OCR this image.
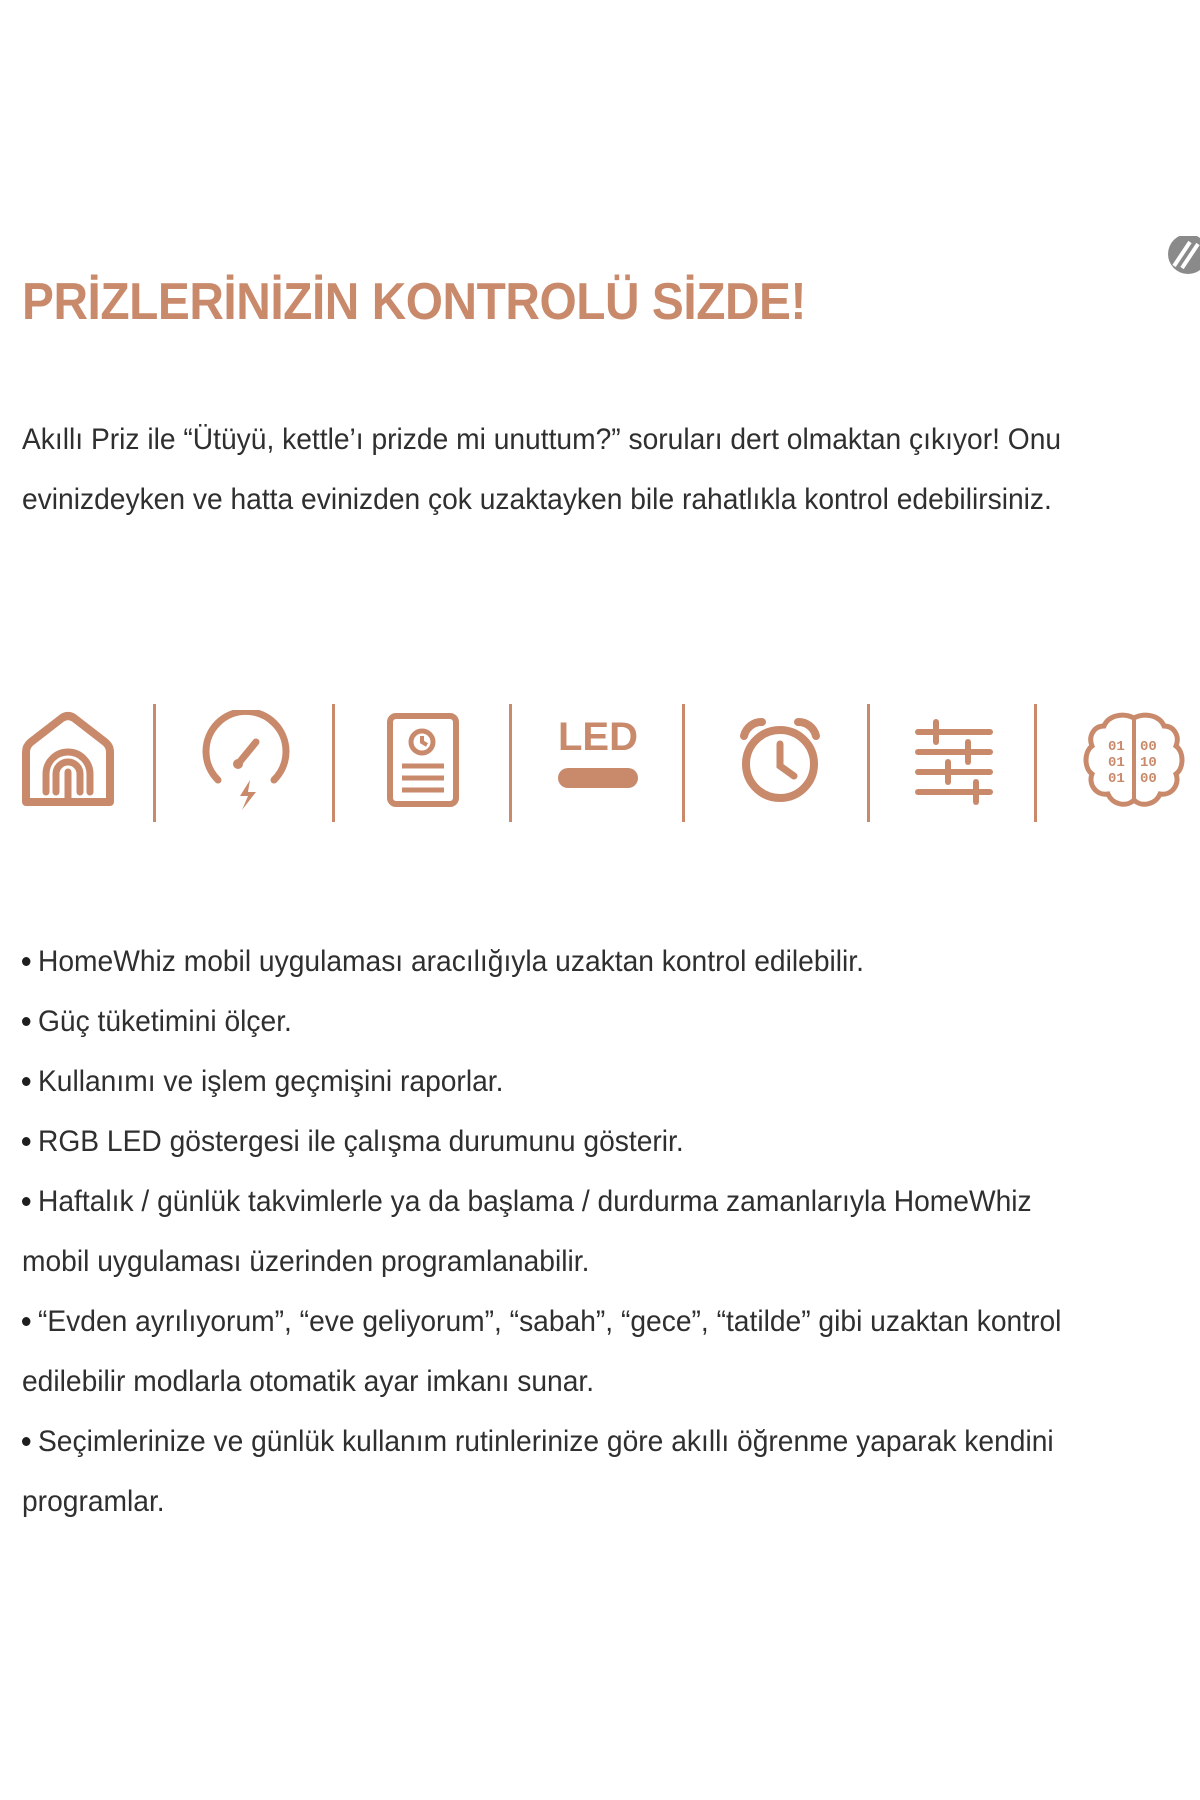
PRİZLERİNİZİN KONTROLÜ SİZDE!

Akıllı Priz ile “Ütüyü, kettle’ı prizde mi unuttum?” soruları dert olmaktan çıkıyor! Onu evinizdeyken ve hatta evinizden çok uzaktayken bile rahatlıkla kontrol edebilirsiniz.

LED	01 00
01 10
01 00
HomeWhiz mobil uygulaması aracılığıyla uzaktan kontrol edilebilir.
Güç tüketimini ölçer.
Kullanımı ve işlem geçmişini raporlar.
RGB LED göstergesi ile çalışma durumunu gösterir.
Haftalık / günlük takvimlerle ya da başlama / durdurma zamanlarıyla HomeWhiz mobil uygulaması üzerinden programlanabilir.
“Evden ayrılıyorum”, “eve geliyorum”, “sabah”, “gece”, “tatilde” gibi uzaktan kontrol edilebilir modlarla otomatik ayar imkanı sunar.
Seçimlerinize ve günlük kullanım rutinlerinize göre akıllı öğrenme yaparak kendini programlar.
